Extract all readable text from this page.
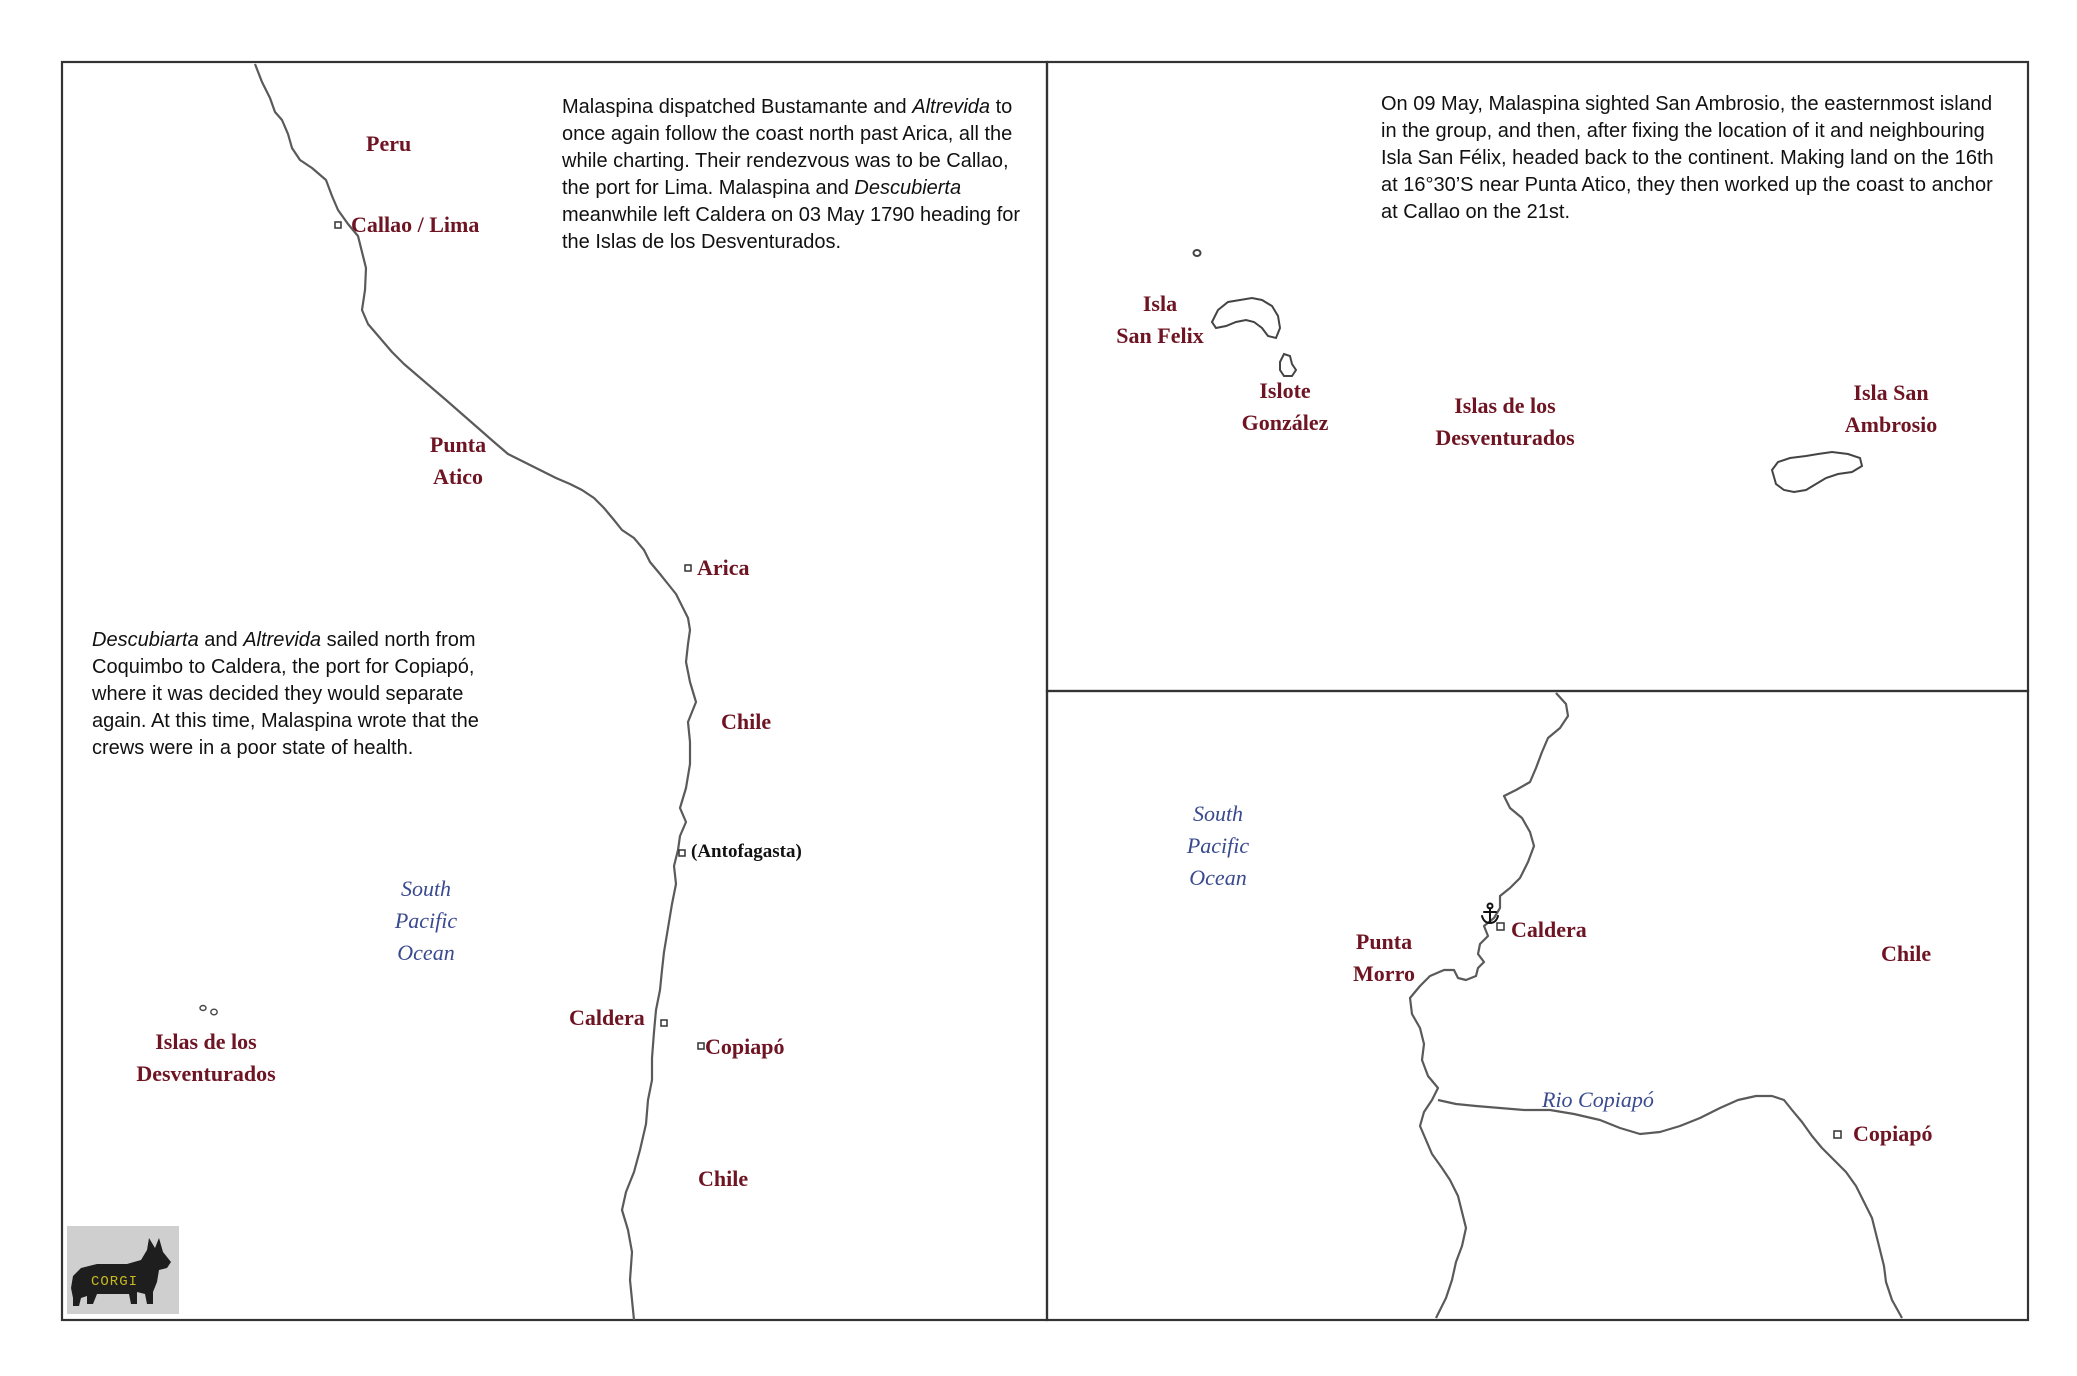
Peru
Callao / Lima
Punta
Atico
Arica
Chile
(Antofagasta)
Caldera
Copiapó
Chile
Islas de los
Desventurados
South
Pacific
Ocean
Malaspina dispatched Bustamante and Altrevida to once again follow the coast north past Arica, all the while charting. Their rendezvous was to be Callao, the port for Lima. Malaspina and Descubierta meanwhile left Caldera on 03 May 1790 heading for the Islas de los Desventurados.
Descubiarta and Altrevida sailed north from Coquimbo to Caldera, the port for Copiapó, where it was decided they would separate again. At this time, Malaspina wrote that the crews were in a poor state of health.
On 09 May, Malaspina sighted San Ambrosio, the easternmost island in the group, and then, after fixing the location of it and neighbouring Isla San Félix, headed back to the continent. Making land on the 16th at 16°30’S near Punta Atico, they then worked up the coast to anchor at Callao on the 21st.
Isla
San Felix
Islote
González
Islas de los
Desventurados
Isla San
Ambrosio
South
Pacific
Ocean
Caldera
Punta
Morro
Chile
Rio Copiapó
Copiapó
CORGI
